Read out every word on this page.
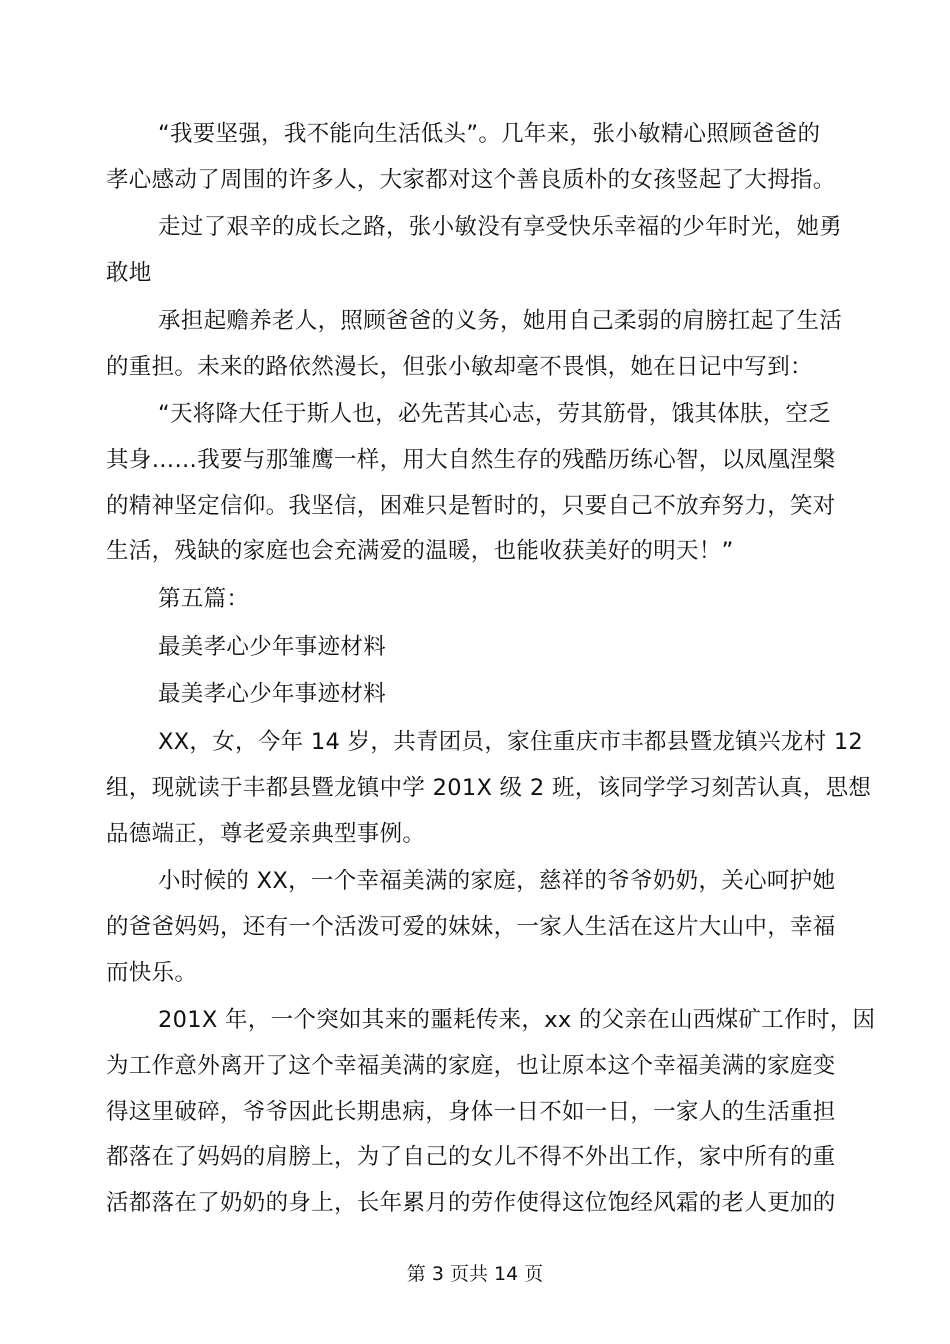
“我要坚强，我不能向生活低头”。几年来，张小敏精心照顾爸爸的
孝心感动了周围的许多人，大家都对这个善良质朴的女孩竖起了大拇指。

走过了艰辛的成长之路，张小敏没有享受快乐幸福的少年时光，她勇
敢地

承担起赡养老人，照顾爸爸的义务，她用自己柔弱的肩膀扛起了生活
的重担。未来的路依然漫长，但张小敏却毫不畏惧，她在日记中写到：

“天将降大任于斯人也，必先苦其心志，劳其筋骨，饿其体肤，空乏
其身……我要与那雏鹰一样，用大自然生存的残酷历练心智，以凤凰涅槃
的精神坚定信仰。我坚信，困难只是暂时的，只要自己不放弃努力，笑对
生活，残缺的家庭也会充满爱的温暖，也能收获美好的明天！”

第五篇：

最美孝心少年事迹材料

最美孝心少年事迹材料

XX，女，今年 14 岁，共青团员，家住重庆市丰都县暨龙镇兴龙村 12
组，现就读于丰都县暨龙镇中学 201X 级 2 班，该同学学习刻苦认真，思想
品德端正，尊老爱亲典型事例。

小时候的 XX，一个幸福美满的家庭，慈祥的爷爷奶奶，关心呵护她
的爸爸妈妈，还有一个活泼可爱的妹妹，一家人生活在这片大山中，幸福
而快乐。

201X 年，一个突如其来的噩耗传来，xx 的父亲在山西煤矿工作时，因
为工作意外离开了这个幸福美满的家庭，也让原本这个幸福美满的家庭变
得这里破碎，爷爷因此长期患病，身体一日不如一日，一家人的生活重担
都落在了妈妈的肩膀上，为了自己的女儿不得不外出工作，家中所有的重
活都落在了奶奶的身上，长年累月的劳作使得这位饱经风霜的老人更加的

第 3 页共 14 页
